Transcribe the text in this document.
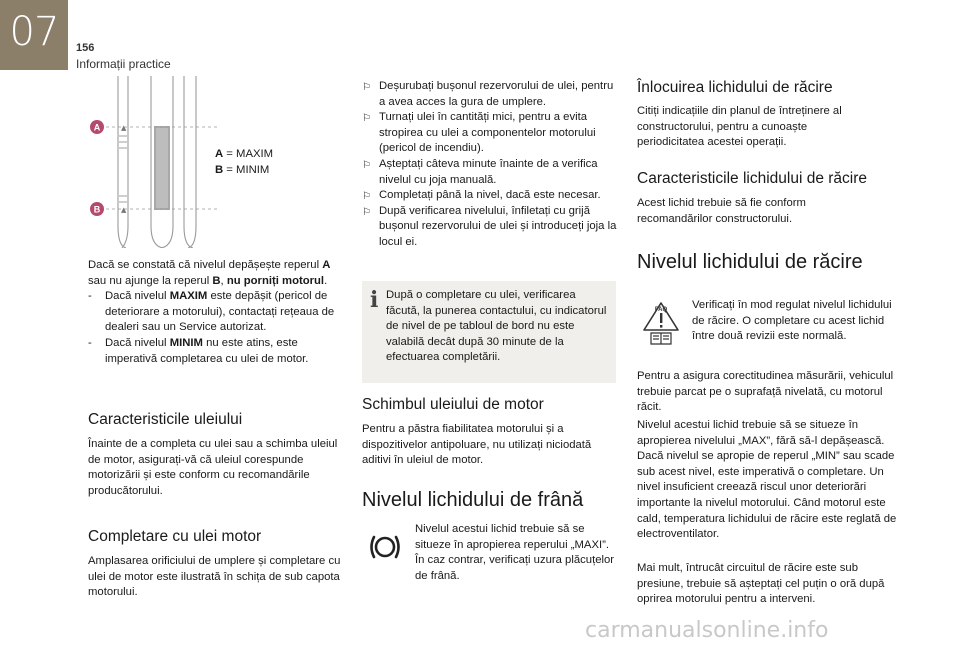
07	156
Informații practice
▲
▲
A
B
A = MAXIM
B = MINIM

Dacă se constată că nivelul depășește reperul A sau nu ajunge la reperul B, nu porniți motorul.

- Dacă nivelul MAXIM este depășit (pericol de deteriorare a motorului), contactați rețeaua de dealeri sau un Service autorizat.
- Dacă nivelul MINIM nu este atins, este imperativă completarea cu ulei de motor.
Caracteristicile uleiului

Înainte de a completa cu ulei sau a schimba uleiul de motor, asigurați-vă că uleiul corespunde motorizării și este conform cu recomandările producătorului.

Completare cu ulei motor

Amplasarea orificiului de umplere și completare cu ulei de motor este ilustrată în schița de sub capota motorului.

⚐ Deșurubați bușonul rezervorului de ulei, pentru a avea acces la gura de umplere.
⚐ Turnați ulei în cantități mici, pentru a evita stropirea cu ulei a componentelor motorului (pericol de incendiu).
⚐ Așteptați câteva minute înainte de a verifica nivelul cu joja manuală.
⚐ Completați până la nivel, dacă este necesar.
⚐ După verificarea nivelului, înfiletați cu grijă bușonul rezervorului de ulei și introduceți joja la locul ei.
i După o completare cu ulei, verificarea făcută, la punerea contactului, cu indicatorul de nivel de pe tabloul de bord nu este valabilă decât după 30 minute de la efectuarea completării.

Schimbul uleiului de motor

Pentru a păstra fiabilitatea motorului și a dispozitivelor antipoluare, nu utilizați niciodată aditivi în uleiul de motor.

Nivelul lichidului de frână

Nivelul acestui lichid trebuie să se situeze în apropierea reperului „MAXI”. În caz contrar, verificați uzura plăcuțelor de frână.

Înlocuirea lichidului de răcire

Citiți indicațiile din planul de întreținere al constructorului, pentru a cunoaște periodicitatea acestei operații.

Caracteristicile lichidului de răcire

Acest lichid trebuie să fie conform recomandărilor constructorului.

Nivelul lichidului de răcire
FAQ Verificați în mod regulat nivelul lichidului de răcire. O completare cu acest lichid între două revizii este normală.

Pentru a asigura corectitudinea măsurării, vehiculul trebuie parcat pe o suprafață nivelată, cu motorul răcit.

Nivelul acestui lichid trebuie să se situeze în apropierea nivelului „MAX”, fără să-l depășească. Dacă nivelul se apropie de reperul „MIN” sau scade sub acest nivel, este imperativă o completare. Un nivel insuficient creează riscul unor deteriorări importante la nivelul motorului. Când motorul este cald, temperatura lichidului de răcire este reglată de electroventilator.

Mai mult, întrucât circuitul de răcire este sub presiune, trebuie să așteptați cel puțin o oră după oprirea motorului pentru a interveni.

carmanualsonline.info
